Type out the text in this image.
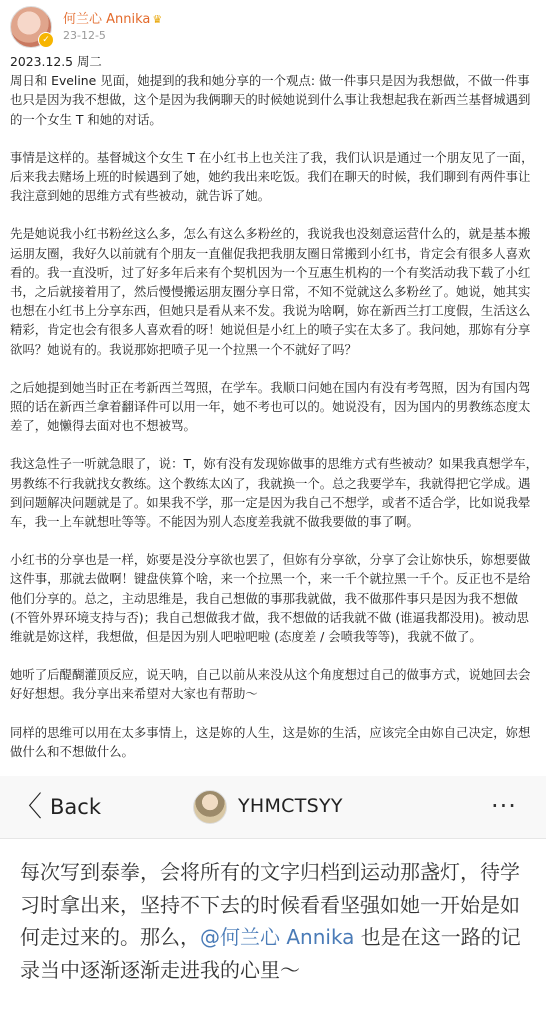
✓
何兰心 Annika ♛
23-12-5

2023.12.5 周二

周日和 Eveline 见面，她提到的我和她分享的一个观点: 做一件事只是因为我想做，不做一件事也只是因为我不想做，这个是因为我俩聊天的时候她说到什么事让我想起我在新西兰基督城遇到的一个女生 T 和她的对话。

事情是这样的。基督城这个女生 T 在小红书上也关注了我，我们认识是通过一个朋友见了一面，后来我去赌场上班的时候遇到了她，她约我出来吃饭。我们在聊天的时候，我们聊到有两件事让我注意到她的思维方式有些被动，就告诉了她。

先是她说我小红书粉丝这么多，怎么有这么多粉丝的，我说我也没刻意运营什么的，就是基本搬运朋友圈，我好久以前就有个朋友一直催促我把我朋友圈日常搬到小红书，肯定会有很多人喜欢看的。我一直没听，过了好多年后来有个契机因为一个互惠生机构的一个有奖活动我下载了小红书，之后就接着用了，然后慢慢搬运朋友圈分享日常，不知不觉就这么多粉丝了。她说，她其实也想在小红书上分享东西，但她只是看从来不发。我说为啥啊，妳在新西兰打工度假，生活这么精彩，肯定也会有很多人喜欢看的呀！她说但是小红上的喷子实在太多了。我问她，那妳有分享欲吗？她说有的。我说那妳把喷子见一个拉黑一个不就好了吗？

之后她提到她当时正在考新西兰驾照，在学车。我顺口问她在国内有没有考驾照，因为有国内驾照的话在新西兰拿着翻译件可以用一年，她不考也可以的。她说没有，因为国内的男教练态度太差了，她懒得去面对也不想被骂。

我这急性子一听就急眼了，说：T，妳有没有发现妳做事的思维方式有些被动？如果我真想学车，男教练不行我就找女教练。这个教练太凶了，我就换一个。总之我要学车，我就得把它学成。遇到问题解决问题就是了。如果我不学，那一定是因为我自己不想学，或者不适合学，比如说我晕车，我一上车就想吐等等。不能因为别人态度差我就不做我要做的事了啊。

小红书的分享也是一样，妳要是没分享欲也罢了，但妳有分享欲，分享了会让妳快乐，妳想要做这件事，那就去做啊！键盘侠算个啥，来一个拉黑一个，来一千个就拉黑一千个。反正也不是给他们分享的。总之，主动思维是，我自己想做的事那我就做，我不做那件事只是因为我不想做 (不管外界环境支持与否)；我自己想做我才做，我不想做的话我就不做 (谁逼我都没用)。被动思维就是妳这样，我想做，但是因为别人吧啦吧啦 (态度差 / 会喷我等等)，我就不做了。

她听了后醍醐灌顶反应，说天呐，自己以前从来没从这个角度想过自己的做事方式，说她回去会好好想想。我分享出来希望对大家也有帮助～

同样的思维可以用在太多事情上，这是妳的人生，这是妳的生活，应该完全由妳自己决定，妳想做什么和不想做什么。

〈 Back	YHMCTSYY	···
每次写到泰拳，会将所有的文字归档到运动那盏灯，待学习时拿出来，坚持不下去的时候看看坚强如她一开始是如何走过来的。那么，@何兰心 Annika 也是在这一路的记录当中逐渐逐渐走进我的心里～
